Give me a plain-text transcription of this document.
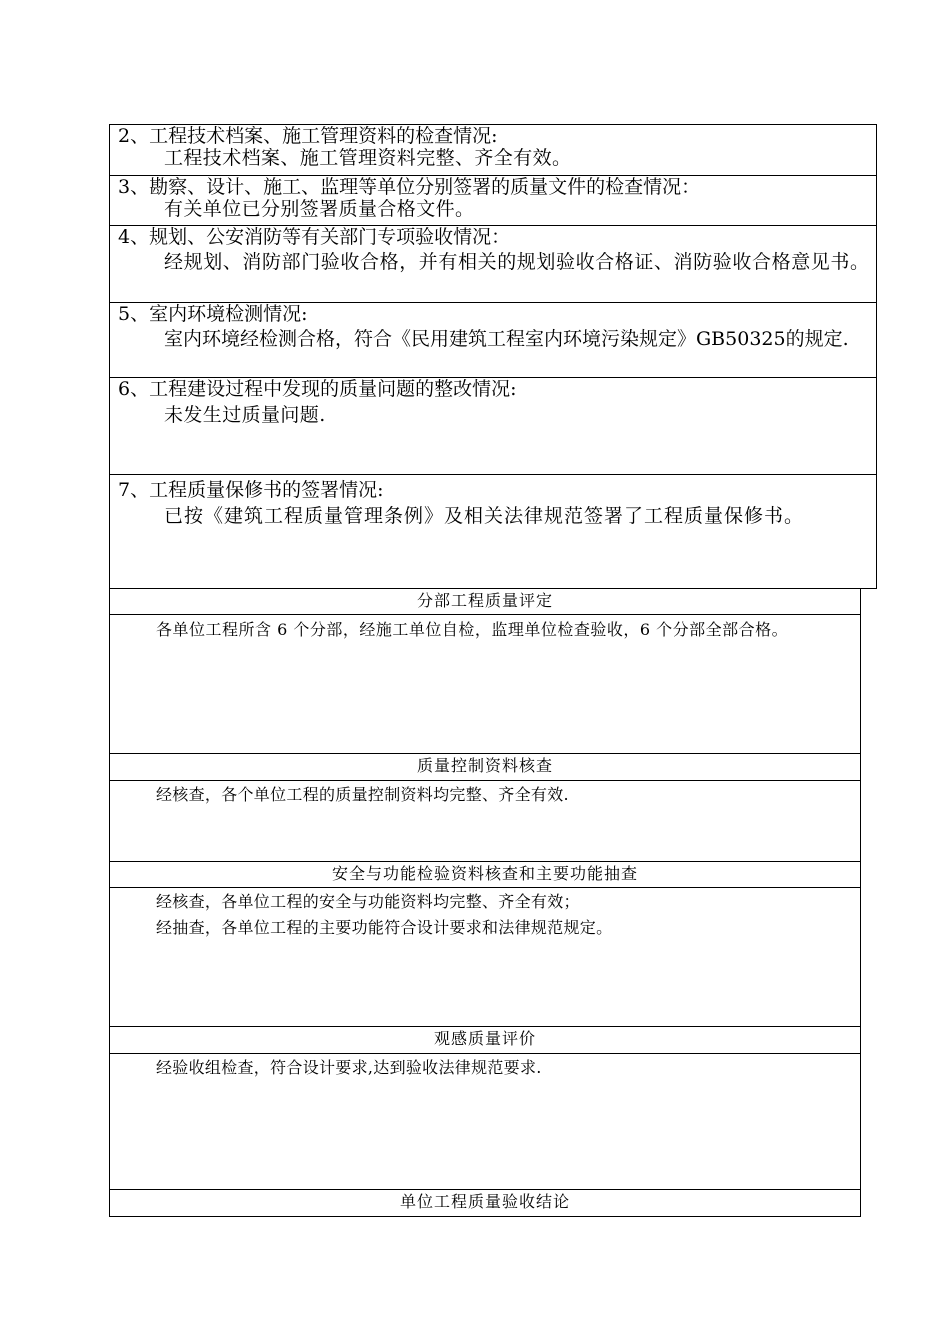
2、工程技术档案、施工管理资料的检查情况:
工程技术档案、施工管理资料完整、齐全有效。
3、勘察、设计、施工、监理等单位分别签署的质量文件的检查情况：
有关单位已分别签署质量合格文件。
4、规划、公安消防等有关部门专项验收情况：
经规划、消防部门验收合格，并有相关的规划验收合格证、消防验收合格意见书。
5、室内环境检测情况:
室内环境经检测合格，符合《民用建筑工程室内环境污染规定》GB50325的规定.
6、工程建设过程中发现的质量问题的整改情况:
未发生过质量问题.
7、工程质量保修书的签署情况:
已按《建筑工程质量管理条例》及相关法律规范签署了工程质量保修书。
分部工程质量评定
各单位工程所含 6 个分部，经施工单位自检，监理单位检查验收，6 个分部全部合格。
质量控制资料核查
经核查，各个单位工程的质量控制资料均完整、齐全有效.
安全与功能检验资料核查和主要功能抽查
经核查，各单位工程的安全与功能资料均完整、齐全有效；
经抽查，各单位工程的主要功能符合设计要求和法律规范规定。
观感质量评价
经验收组检查，符合设计要求,达到验收法律规范要求.
单位工程质量验收结论
